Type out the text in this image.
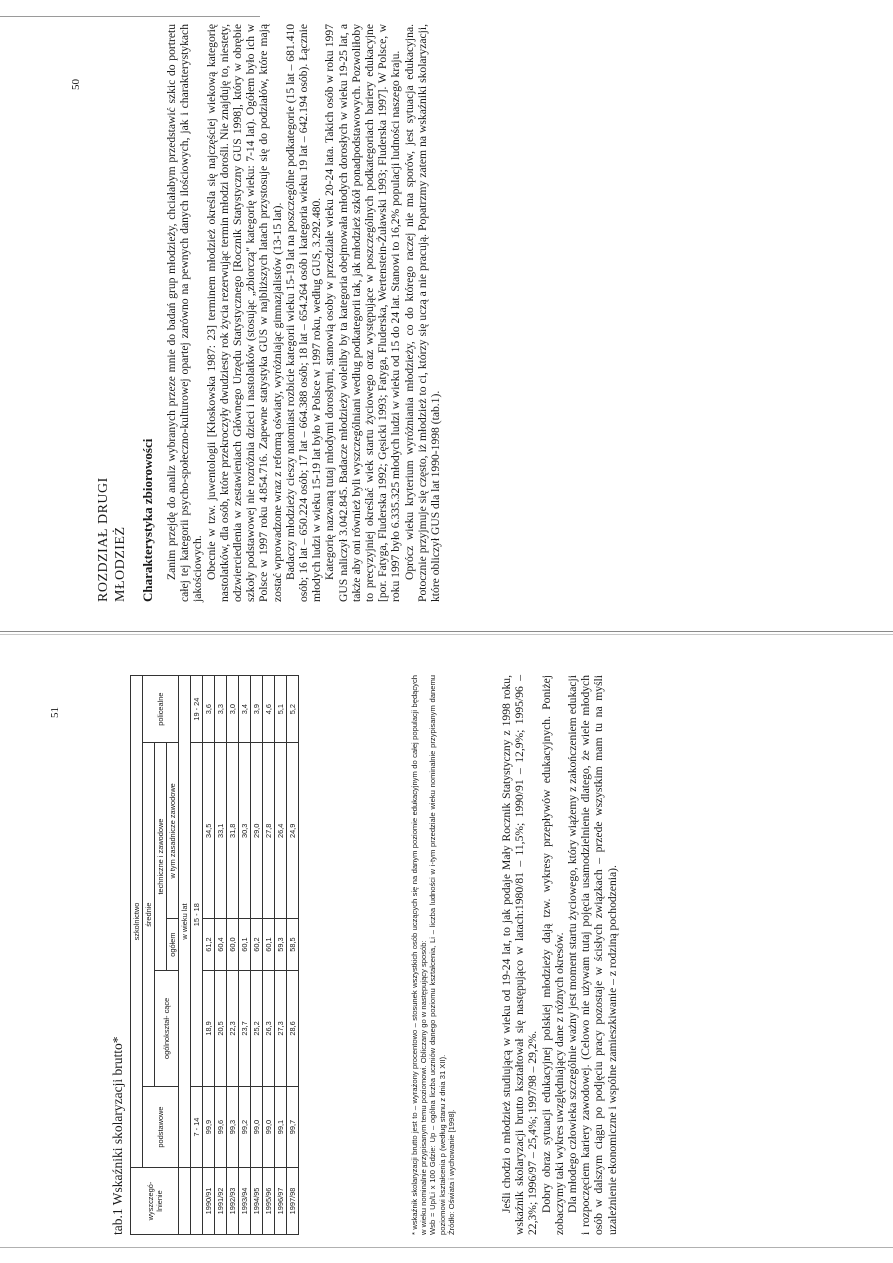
ROZDZIAŁ DRUGI MŁODZIEŻ Charakterystyka zbiorowości Zanim przejdę do analiz wybranych przeze mnie do badań grup młodzieży, chciałabym przedstawić szkic do portretu całej tej kategorii psycho-społeczno-kulturowej opartej zarówno na pewnych danych ilościowych, jak i charakterystykach jakościowych. Obecnie w tzw. juwentologii [Kłoskowska 1987: 23] terminem młodzież określa się najczęściej wiekową kategorię nastolatków, dla osób, które przekroczyły dwudziesty rok życia rezerwując termin młodzi dorośli. Nie znajduję to, niestety, odzwierciedlenia w zestawieniach Głównego Urzędu Statystycznego [Rocznik Statystyczny GUS 1998], który w obrębie szkoły podstawowej nie rozróżnia dzieci i nastolatków (stosując „zbiorczą" kategorię wieku: 7-14 lat). Ogółem było ich w Polsce w 1997 roku 4.854.716. Zapewne statystyka GUS w najbliższych latach przystosuje się do podziałów, które mają zostać wprowadzone wraz z reformą oświaty, wyróżniając gimnazjalistów (13-15 lat). Badaczy młodzieży cieszy natomiast rozbicie kategorii wieku 15-19 lat na poszczególne podkategorie (15 lat – 681.410 osób; 16 lat – 650.224 osób; 17 lat – 664.388 osób; 18 lat – 654.264 osób i kategoria wieku 19 lat – 642.194 osób). Łącznie młodych ludzi w wieku 15-19 lat było w Polsce w 1997 roku, według GUS, 3.292.480. Kategorię nazwaną tutaj młodymi dorosłymi, stanowią osoby w przedziale wieku 20-24 lata. Takich osób w roku 1997 GUS naliczył 3.042.845. Badacze młodzieży woleliby by ta kategoria obejmowała młodych dorosłych w wieku 19-25 lat, a także aby oni również byli wyszczególniani według podkategorii tak, jak młodzież szkół ponadpodstawowych. Pozwoliłoby to precyzyjniej określać wiek startu życiowego oraz występujące w poszczególnych podkategoriach bariery edukacyjne [por. Fatyga, Fluderska 1992; Gęsicki 1993; Fatyga, Fluderska, Wertenstein-Żuławski 1993; Fluderska 1997]. W Polsce, w roku 1997 było 6.335.325 młodych ludzi w wieku od 15 do 24 lat. Stanowi to 16,2% populacji ludności naszego kraju. Oprócz wieku kryterium wyróżniania młodzieży, co do którego raczej nie ma sporów, jest sytuacja edukacyjna. Potocznie przyjmuje się często, iż młodzież to ci, którzy się uczą a nie pracują. Popatrzmy zatem na wskaźniki skolaryzacji, które obliczył GUS dla lat 1990-1998 (tab.1).

50
51
tab.1 Wskaźniki skolaryzacji brutto*	wyszczegó- lnienie	szkolnictwo				
	podstawowe	średnie			policealne
		ogólnokształ- cące	techniczne i zawodowe		
			ogółem	w tym zasadnicze zawodowe	
	w wieku lat				
	7 - 14	15 - 18			19 - 24
1990/91	99,9	18,9	61,2	34,5	3,6
1991/92	99,6	20,5	60,4	33,1	3,3
1992/93	99,3	22,3	60,0	31,8	3,0
1993/94	99,2	23,7	60,1	30,3	3,4
1994/95	99,0	25,2	60,2	29,0	3,9
1995/96	99,0	26,3	60,1	27,8	4,6
1996/97	99,1	27,3	59,3	26,4	5,1
1997/98	99,7	28,6	58,5	24,9	5,2	* wskaźnik skolaryzacji brutto jest to – wyrażony procentowo – stosunek wszystkich osób uczących się na danym poziomie edukacyjnym do całej populacji będących w wieku nominalnie przypisanym temu poziomowi. Obliczany go w następujący sposób: Wsb = Up/Li x 100 Gdzie: Up – ogólna liczba uczniów danego poziomu kształcenia, Li – liczba ludności w i-tym przedziale wieku nominalnie przypisanym danemu poziomowi kształcenia p (według stanu z dnia 31 XII). Źródło: Oświata i wychowanie [1998].	Jeśli chodzi o młodzież studiującą w wieku od 19-24 lat, to jak podaje Mały Rocznik Statystyczny z 1998 roku, wskaźnik skolaryzacji brutto kształtował się następująco w latach:1980/81 – 11,5%; 1990/91 – 12,9%; 1995/96 – 22,3%; 1996/97 – 25,4%; 1997/98 – 29,2%. Dobry obraz sytuacji edukacyjnej polskiej młodzieży dają tzw. wykresy przepływów edukacyjnych. Poniżej zobaczymy taki wykres uwzględniający dane z różnych okresów. Dla młodego człowieka szczególnie ważny jest moment startu życiowego, który wiążemy z zakończeniem edukacji i rozpoczęciem kariery zawodowej. (Celowo nie używam tutaj pojęcia usamodzielnienie dlatego, że wiele młodych osób w dalszym ciągu po podjęciu pracy pozostaje w ścisłych związkach – przede wszystkim mam tu na myśli uzależnienie ekonomiczne i wspólne zamieszkiwanie – z rodziną pochodzenia).
